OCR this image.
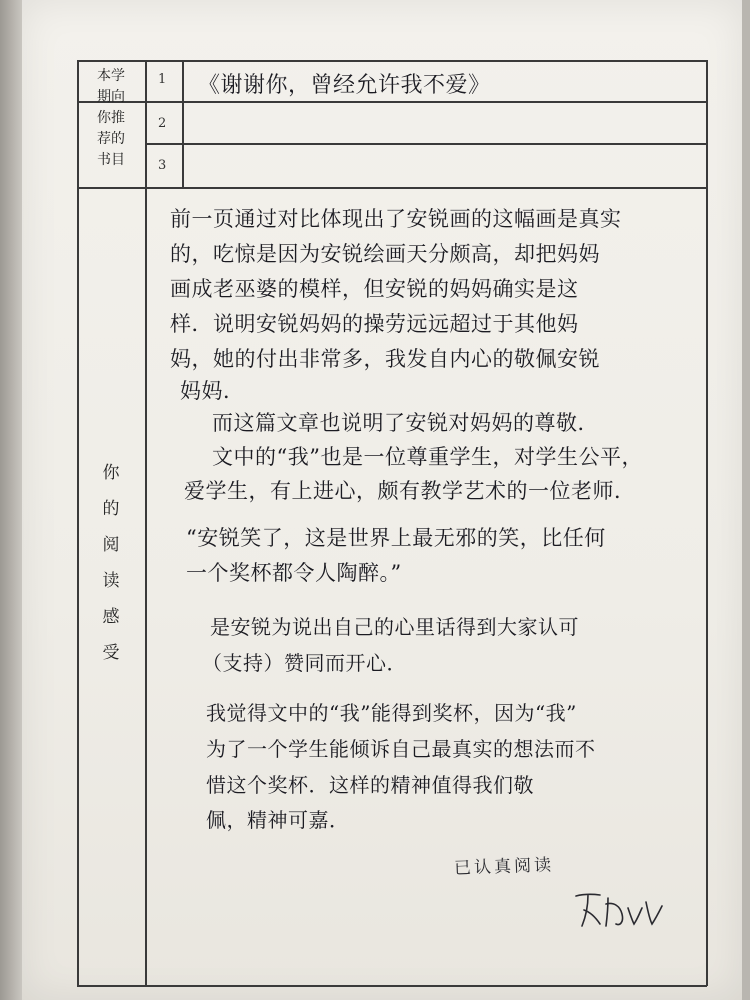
本学
期向
你推
荐的
书目
1
2
3
《谢谢你，曾经允许我不爱》
你
的
阅
读
感
受
前一页通过对比体现出了安锐画的这幅画是真实
的，吃惊是因为安锐绘画天分颇高，却把妈妈
画成老巫婆的模样，但安锐的妈妈确实是这
样．说明安锐妈妈的操劳远远超过于其他妈
妈，她的付出非常多，我发自内心的敬佩安锐
妈妈．
而这篇文章也说明了安锐对妈妈的尊敬．
文中的“我”也是一位尊重学生，对学生公平，
爱学生，有上进心，颇有教学艺术的一位老师．
“安锐笑了，这是世界上最无邪的笑，比任何
一个奖杯都令人陶醉。”
是安锐为说出自己的心里话得到大家认可
（支持）赞同而开心．
我觉得文中的“我”能得到奖杯，因为“我”
为了一个学生能倾诉自己最真实的想法而不
惜这个奖杯．这样的精神值得我们敬
佩，精神可嘉．
已认真阅读
